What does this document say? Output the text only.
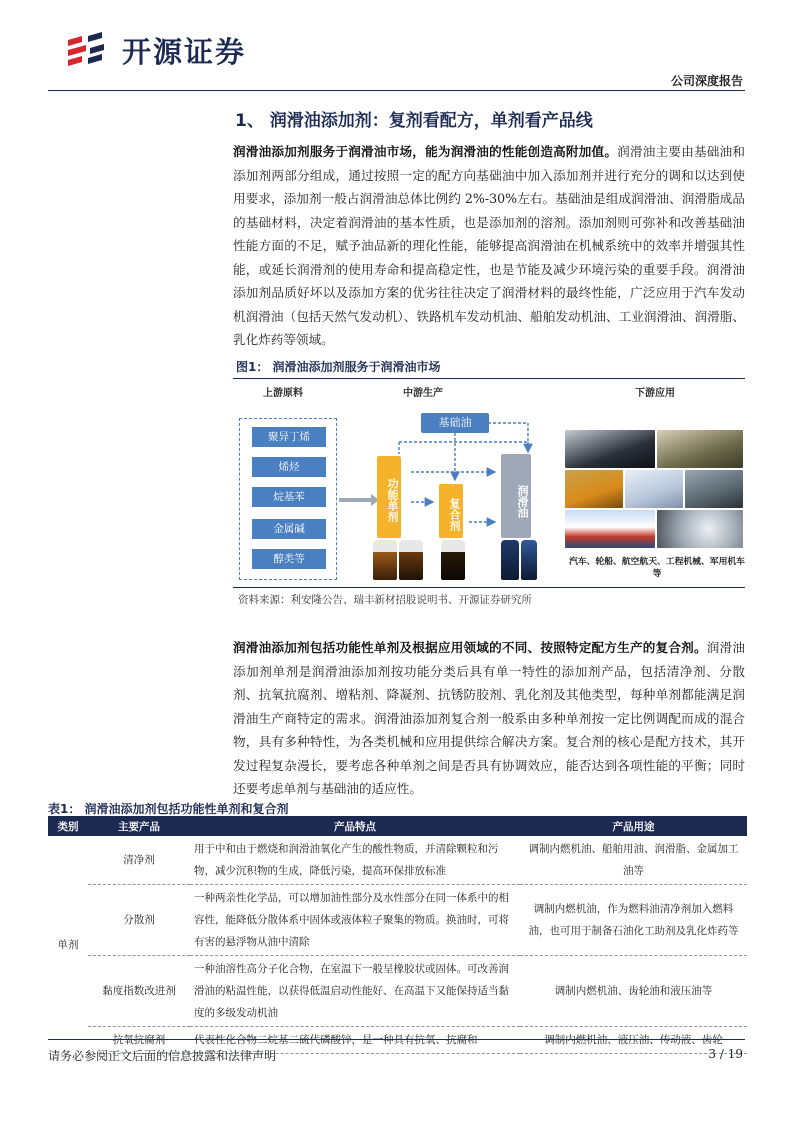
开源证券
公司深度报告
1、 润滑油添加剂：复剂看配方，单剂看产品线

润滑油添加剂服务于润滑油市场，能为润滑油的性能创造高附加值。润滑油主要由基础油和添加剂两部分组成，通过按照一定的配方向基础油中加入添加剂并进行充分的调和以达到使用要求，添加剂一般占润滑油总体比例约 2%-30%左右。基础油是组成润滑油、润滑脂成品的基础材料，决定着润滑油的基本性质，也是添加剂的溶剂。添加剂则可弥补和改善基础油性能方面的不足，赋予油品新的理化性能，能够提高润滑油在机械系统中的效率并增强其性能，或延长润滑剂的使用寿命和提高稳定性，也是节能及减少环境污染的重要手段。润滑油添加剂品质好坏以及添加方案的优劣往往决定了润滑材料的最终性能，广泛应用于汽车发动机润滑油（包括天然气发动机）、铁路机车发动机油、船舶发动机油、工业润滑油、润滑脂、乳化炸药等领域。

图1： 润滑油添加剂服务于润滑油市场
上游原料	中游生产	下游应用
聚异丁烯
烯烃
烷基苯
金属碱
醇类等
基础油
功能单剂	复合剂	润滑油
汽车、轮船、航空航天、工程机械、军用机车等
资料来源：利安隆公告、瑞丰新材招股说明书、开源证券研究所

润滑油添加剂包括功能性单剂及根据应用领域的不同、按照特定配方生产的复合剂。润滑油添加剂单剂是润滑油添加剂按功能分类后具有单一特性的添加剂产品，包括清净剂、分散剂、抗氧抗腐剂、增粘剂、降凝剂、抗锈防胶剂、乳化剂及其他类型，每种单剂都能满足润滑油生产商特定的需求。润滑油添加剂复合剂一般系由多种单剂按一定比例调配而成的混合物，具有多种特性，为各类机械和应用提供综合解决方案。复合剂的核心是配方技术，其开发过程复杂漫长，要考虑各种单剂之间是否具有协调效应，能否达到各项性能的平衡；同时还要考虑单剂与基础油的适应性。

表1： 润滑油添加剂包括功能性单剂和复合剂
类别	主要产品	产品特点	产品用途
单剂	清净剂	用于中和由于燃烧和润滑油氧化产生的酸性物质，并清除颗粒和污物，减少沉积物的生成，降低污染，提高环保排放标准	调制内燃机油、船舶用油、润滑脂、金属加工油等
	分散剂	一种两亲性化学品，可以增加油性部分及水性部分在同一体系中的相容性，能降低分散体系中固体或液体粒子聚集的物质。换油时，可将有害的悬浮物从油中清除	调制内燃机油，作为燃料油清净剂加入燃料油，也可用于制备石油化工助剂及乳化炸药等
	黏度指数改进剂	一种油溶性高分子化合物，在室温下一般呈橡胶状或固体。可改善润滑油的粘温性能，以获得低温启动性能好、在高温下又能保持适当黏度的多级发动机油	调制内燃机油、齿轮油和液压油等
	抗氧抗腐剂	代表性化合物二烷基二硫代磷酸锌，是一种具有抗氧、抗腐和	调制内燃机油、液压油、传动液、齿轮
请务必参阅正文后面的信息披露和法律声明	3 / 19
